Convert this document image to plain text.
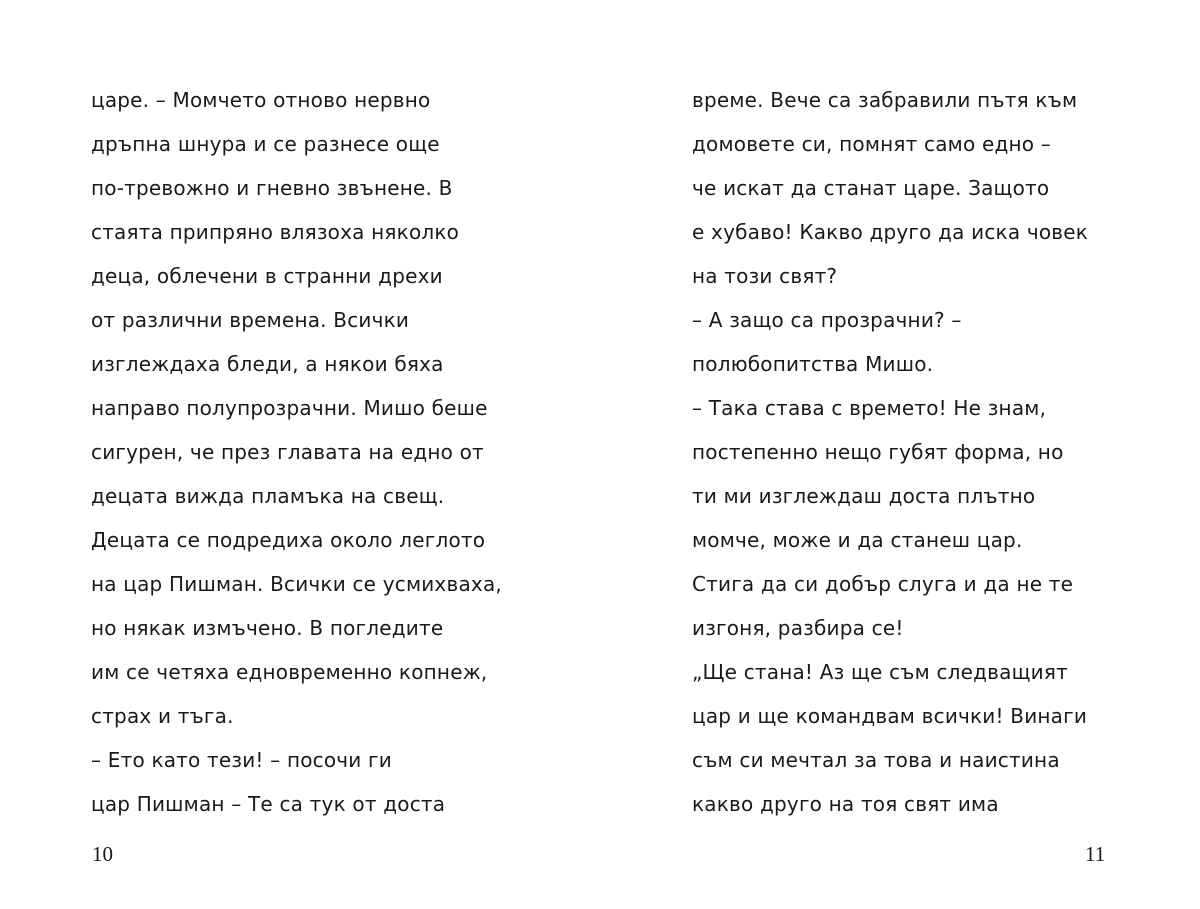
царе. – Момчето отново нервно
дръпна шнура и се разнесе още
по-тревожно и гневно звънене. В
стаята припряно влязоха няколко
деца, облечени в странни дрехи
от различни времена. Всички
изглеждаха бледи, а някои бяха
направо полупрозрачни. Мишо беше
сигурен, че през главата на едно от
децата вижда пламъка на свещ.
Децата се подредиха около леглото
на цар Пишман. Всички се усмихваха,
но някак измъчено. В погледите
им се четяха едновременно копнеж,
страх и тъга.
– Ето като тези! – посочи ги
цар Пишман – Те са тук от доста
време. Вече са забравили пътя към
домовете си, помнят само едно –
че искат да станат царе. Защото
е хубаво! Какво друго да иска човек
на този свят?
– А защо са прозрачни? –
полюбопитства Мишо.
– Така става с времето! Не знам,
постепенно нещо губят форма, но
ти ми изглеждаш доста плътно
момче, може и да станеш цар.
Стига да си добър слуга и да не те
изгоня, разбира се!
„Ще стана! Аз ще съм следващият
цар и ще командвам всички! Винаги
съм си мечтал за това и наистина
какво друго на тоя свят има
10	11
